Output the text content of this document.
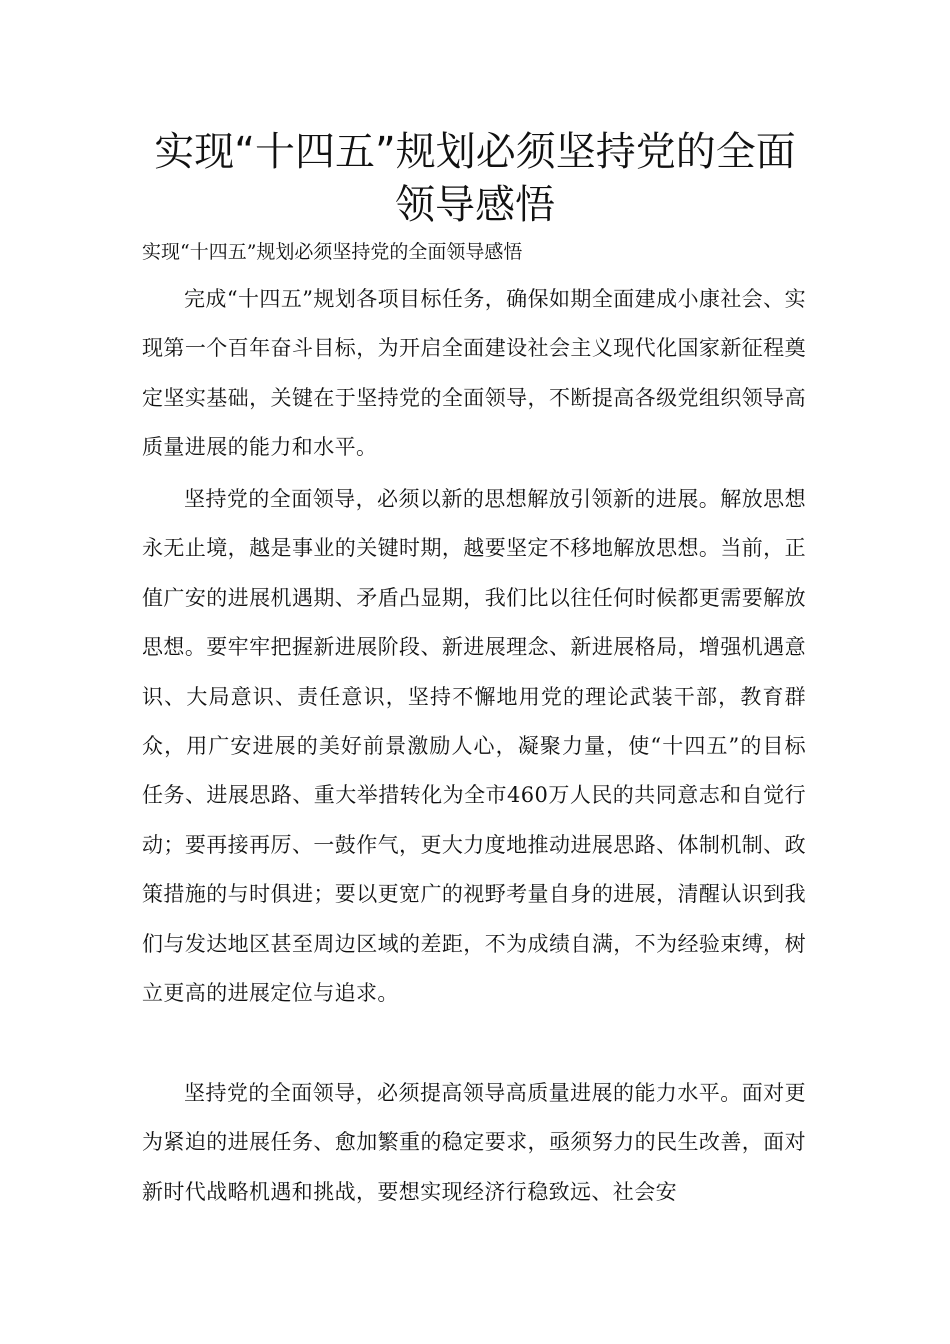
实现“十四五”规划必须坚持党的全面领导感悟

实现“十四五”规划必须坚持党的全面领导感悟

完成“十四五”规划各项目标任务，确保如期全面建成小康社会、实现第一个百年奋斗目标，为开启全面建设社会主义现代化国家新征程奠定坚实基础，关键在于坚持党的全面领导，不断提高各级党组织领导高质量进展的能力和水平。

坚持党的全面领导，必须以新的思想解放引领新的进展。解放思想永无止境，越是事业的关键时期，越要坚定不移地解放思想。当前，正值广安的进展机遇期、矛盾凸显期，我们比以往任何时候都更需要解放思想。要牢牢把握新进展阶段、新进展理念、新进展格局，增强机遇意识、大局意识、责任意识，坚持不懈地用党的理论武装干部，教育群众，用广安进展的美好前景激励人心，凝聚力量，使“十四五”的目标任务、进展思路、重大举措转化为全市460万人民的共同意志和自觉行动；要再接再厉、一鼓作气，更大力度地推动进展思路、体制机制、政策措施的与时俱进；要以更宽广的视野考量自身的进展，清醒认识到我们与发达地区甚至周边区域的差距，不为成绩自满，不为经验束缚，树立更高的进展定位与追求。

坚持党的全面领导，必须提高领导高质量进展的能力水平。面对更为紧迫的进展任务、愈加繁重的稳定要求，亟须努力的民生改善，面对新时代战略机遇和挑战，要想实现经济行稳致远、社会安
